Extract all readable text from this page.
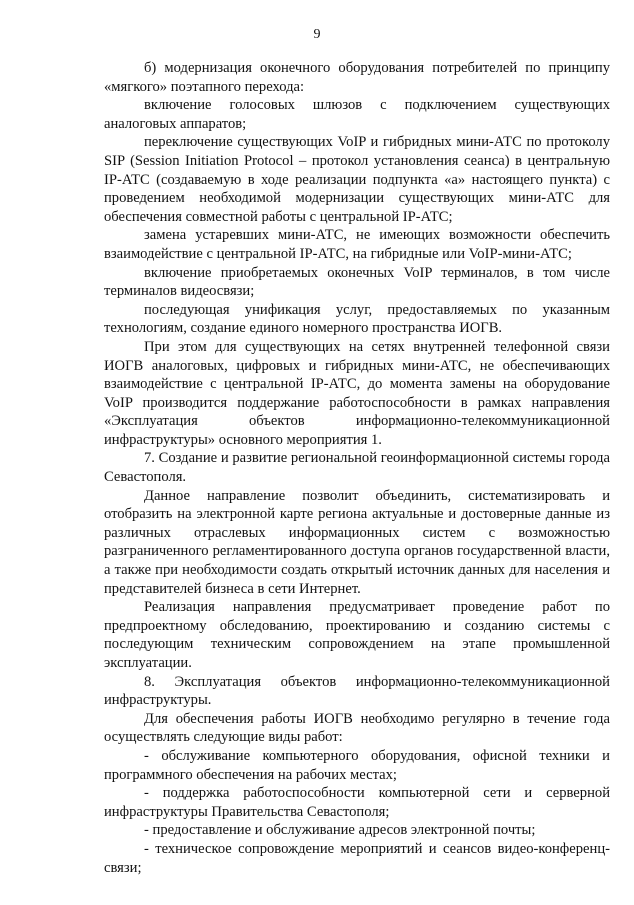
9

б) модернизация оконечного оборудования потребителей по принципу «мягкого» поэтапного перехода:

включение голосовых шлюзов с подключением существующих аналоговых аппаратов;

переключение существующих VoIP и гибридных мини-АТС по протоколу SIP (Session Initiation Protocol – протокол установления сеанса) в центральную IP-АТС (создаваемую в ходе реализации подпункта «а» настоящего пункта) с проведением необходимой модернизации существующих мини-АТС для обеспечения совместной работы с центральной IP-АТС;

замена устаревших мини-АТС, не имеющих возможности обеспечить взаимодействие с центральной IP-АТС, на гибридные или VoIP-мини-АТС;

включение приобретаемых оконечных VoIP терминалов, в том числе терминалов видеосвязи;

последующая унификация услуг, предоставляемых по указанным технологиям, создание единого номерного пространства ИОГВ.

При этом для существующих на сетях внутренней телефонной связи ИОГВ аналоговых, цифровых и гибридных мини-АТС, не обеспечивающих взаимодействие с центральной IP-АТС, до момента замены на оборудование VoIP производится поддержание работоспособности в рамках направления «Эксплуатация объектов информационно-телекоммуникационной инфраструктуры» основного мероприятия 1.

7. Создание и развитие региональной геоинформационной системы города Севастополя.

Данное направление позволит объединить, систематизировать и отобразить на электронной карте региона актуальные и достоверные данные из различных отраслевых информационных систем с возможностью разграниченного регламентированного доступа органов государственной власти, а также при необходимости создать открытый источник данных для населения и представителей бизнеса в сети Интернет.

Реализация направления предусматривает проведение работ по предпроектному обследованию, проектированию и созданию системы с последующим техническим сопровождением на этапе промышленной эксплуатации.

8. Эксплуатация объектов информационно-телекоммуникационной инфраструктуры.

Для обеспечения работы ИОГВ необходимо регулярно в течение года осуществлять следующие виды работ:

- обслуживание компьютерного оборудования, офисной техники и программного обеспечения на рабочих местах;

- поддержка работоспособности компьютерной сети и серверной инфраструктуры Правительства Севастополя;

- предоставление и обслуживание адресов электронной почты;

- техническое сопровождение мероприятий и сеансов видео-конференц-связи;
